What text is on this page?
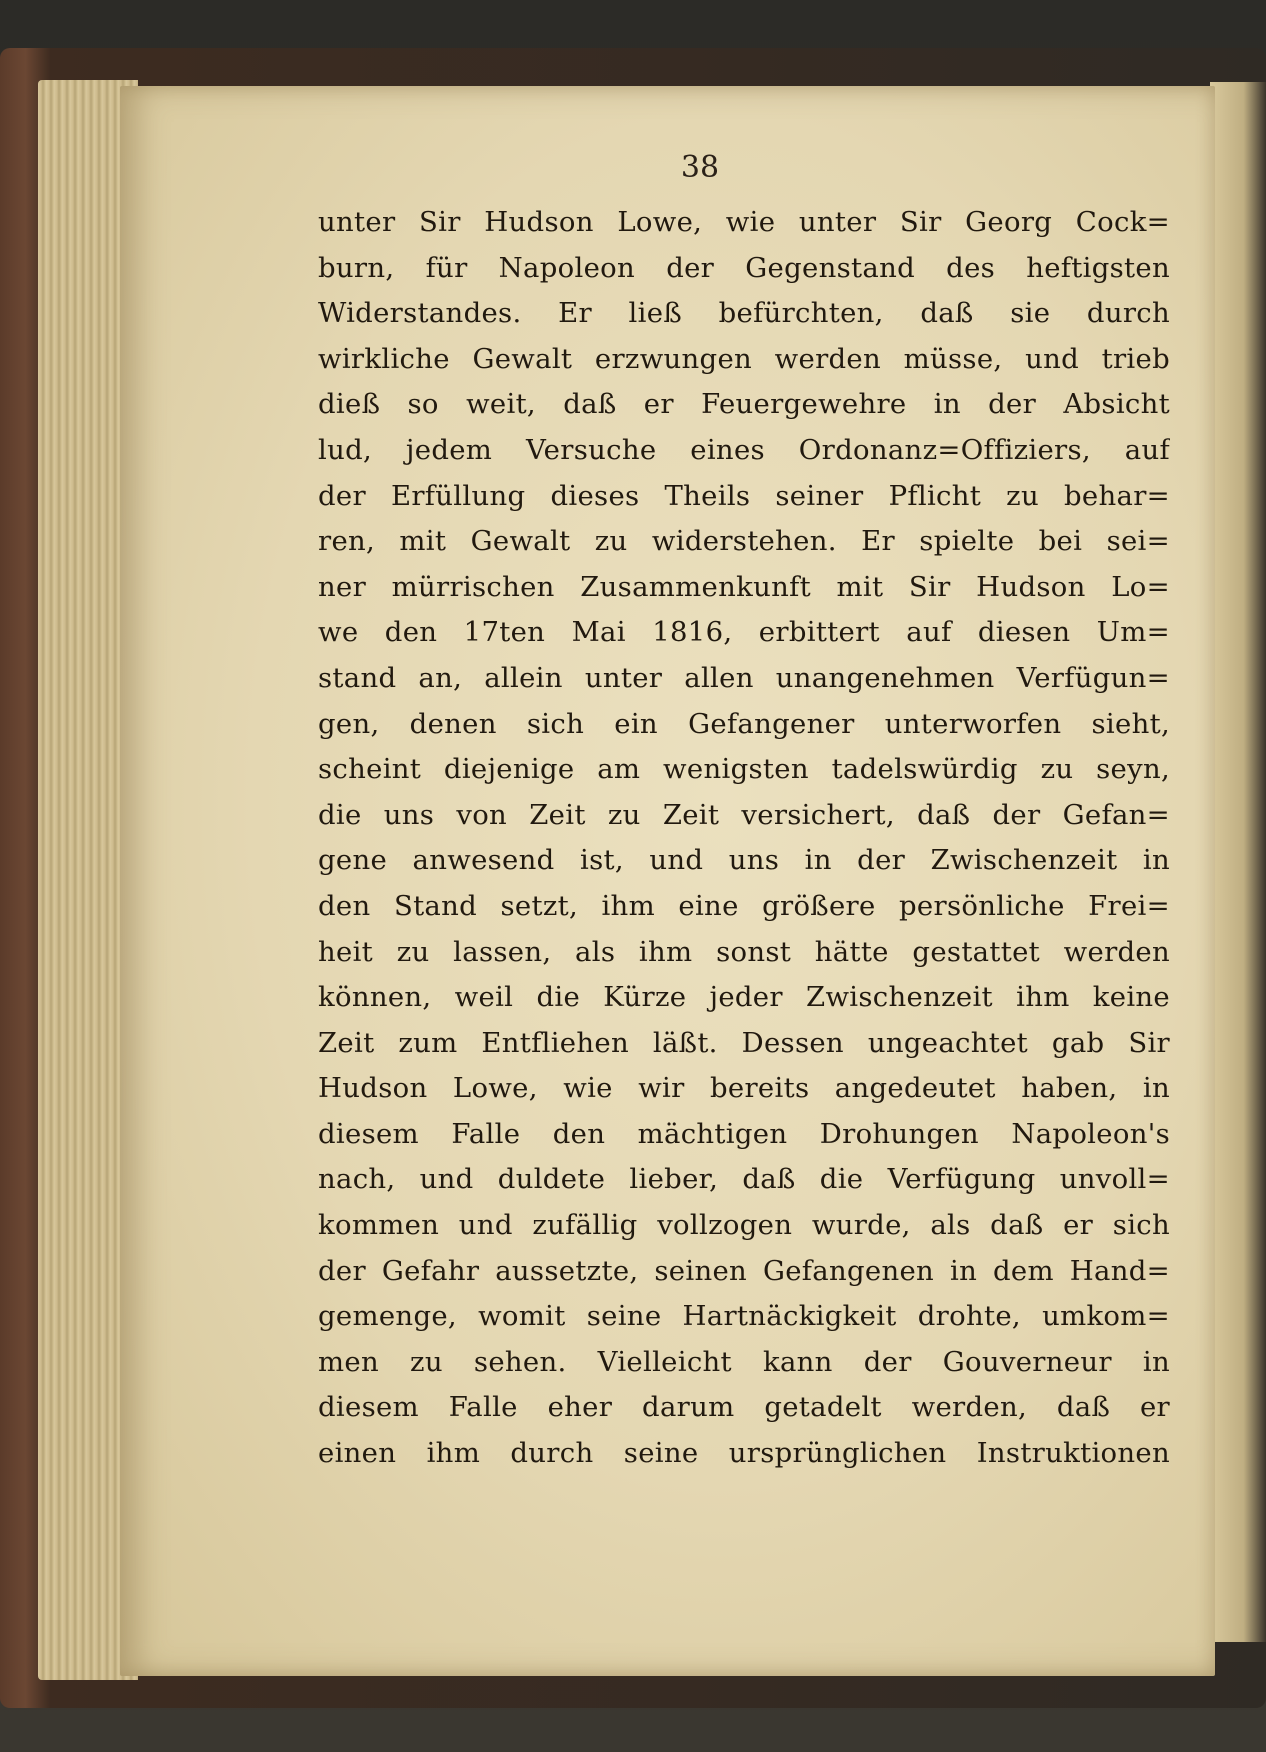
38
unter Sir Hudson Lowe, wie unter Sir Georg Cock=
burn, für Napoleon der Gegenstand des heftigsten
Widerstandes. Er ließ befürchten, daß sie durch
wirkliche Gewalt erzwungen werden müsse, und trieb
dieß so weit, daß er Feuergewehre in der Absicht
lud, jedem Versuche eines Ordonanz=Offiziers, auf
der Erfüllung dieses Theils seiner Pflicht zu behar=
ren, mit Gewalt zu widerstehen. Er spielte bei sei=
ner mürrischen Zusammenkunft mit Sir Hudson Lo=
we den 17ten Mai 1816, erbittert auf diesen Um=
stand an, allein unter allen unangenehmen Verfügun=
gen, denen sich ein Gefangener unterworfen sieht,
scheint diejenige am wenigsten tadelswürdig zu seyn,
die uns von Zeit zu Zeit versichert, daß der Gefan=
gene anwesend ist, und uns in der Zwischenzeit in
den Stand setzt, ihm eine größere persönliche Frei=
heit zu lassen, als ihm sonst hätte gestattet werden
können, weil die Kürze jeder Zwischenzeit ihm keine
Zeit zum Entfliehen läßt. Dessen ungeachtet gab Sir
Hudson Lowe, wie wir bereits angedeutet haben, in
diesem Falle den mächtigen Drohungen Napoleon's
nach, und duldete lieber, daß die Verfügung unvoll=
kommen und zufällig vollzogen wurde, als daß er sich
der Gefahr aussetzte, seinen Gefangenen in dem Hand=
gemenge, womit seine Hartnäckigkeit drohte, umkom=
men zu sehen. Vielleicht kann der Gouverneur in
diesem Falle eher darum getadelt werden, daß er
einen ihm durch seine ursprünglichen Instruktionen
